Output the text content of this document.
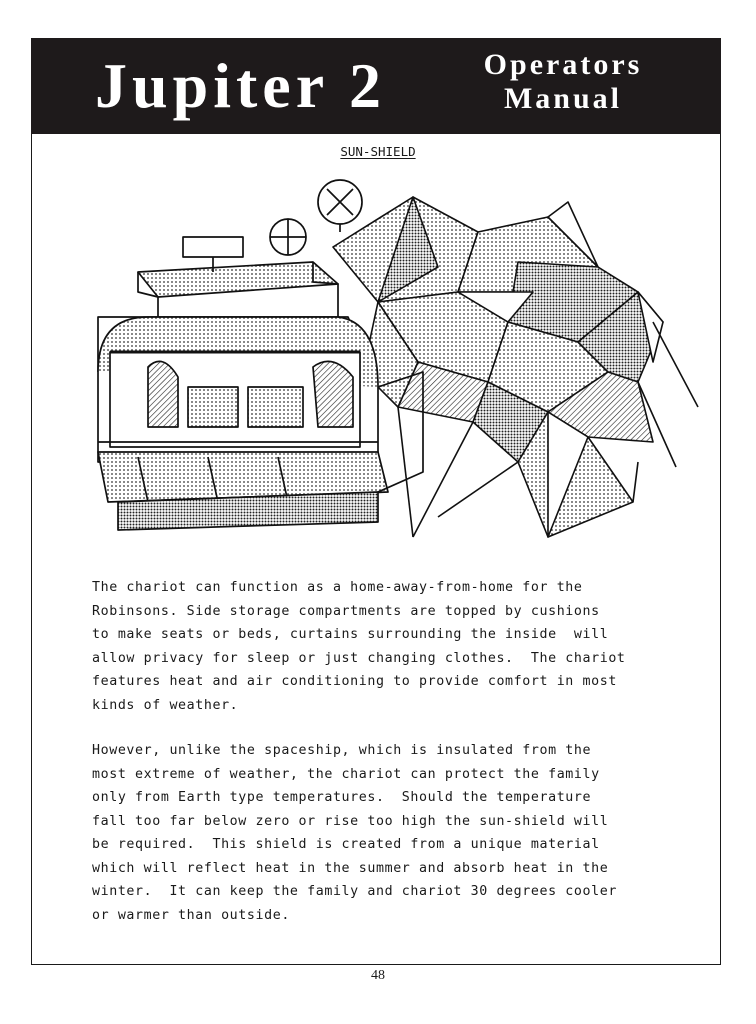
Jupiter 2	Operators
Manual
SUN-SHIELD

The chariot can function as a home-away-from-home for the
Robinsons. Side storage compartments are topped by cushions
to make seats or beds, curtains surrounding the inside  will
allow privacy for sleep or just changing clothes.  The chariot
features heat and air conditioning to provide comfort in most
kinds of weather.

However, unlike the spaceship, which is insulated from the
most extreme of weather, the chariot can protect the family
only from Earth type temperatures.  Should the temperature
fall too far below zero or rise too high the sun-shield will
be required.  This shield is created from a unique material
which will reflect heat in the summer and absorb heat in the
winter.  It can keep the family and chariot 30 degrees cooler
or warmer than outside.

48
